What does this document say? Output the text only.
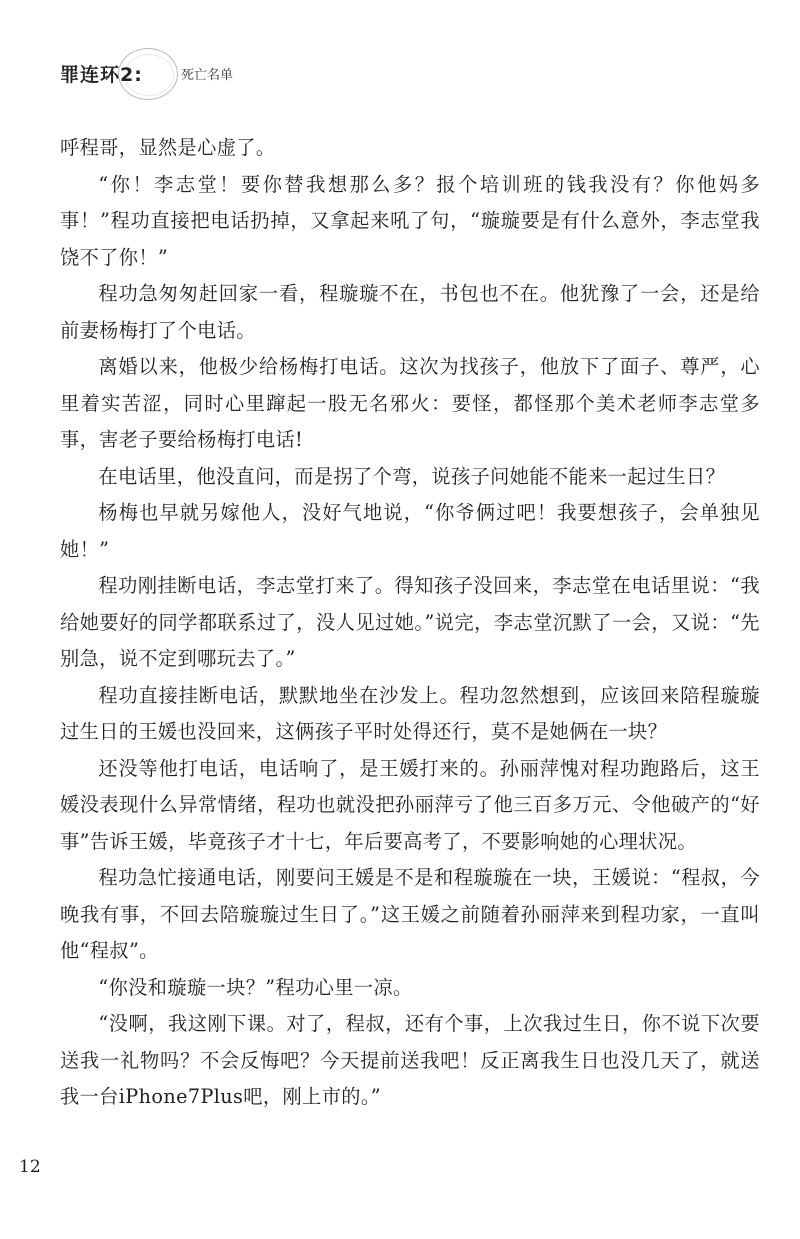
罪连环2:	死亡名单

呼程哥，显然是心虚了。

“你！李志堂！要你替我想那么多？报个培训班的钱我没有？你他妈多事！”程功直接把电话扔掉，又拿起来吼了句，“璇璇要是有什么意外，李志堂我饶不了你！”

程功急匆匆赶回家一看，程璇璇不在，书包也不在。他犹豫了一会，还是给前妻杨梅打了个电话。

离婚以来，他极少给杨梅打电话。这次为找孩子，他放下了面子、尊严，心里着实苦涩，同时心里蹿起一股无名邪火：要怪，都怪那个美术老师李志堂多事，害老子要给杨梅打电话!

在电话里，他没直问，而是拐了个弯，说孩子问她能不能来一起过生日？

杨梅也早就另嫁他人，没好气地说，“你爷俩过吧！我要想孩子，会单独见她！”

程功刚挂断电话，李志堂打来了。得知孩子没回来，李志堂在电话里说：“我给她要好的同学都联系过了，没人见过她。”说完，李志堂沉默了一会，又说：“先别急，说不定到哪玩去了。”

程功直接挂断电话，默默地坐在沙发上。程功忽然想到，应该回来陪程璇璇过生日的王媛也没回来，这俩孩子平时处得还行，莫不是她俩在一块？

还没等他打电话，电话响了，是王媛打来的。孙丽萍愧对程功跑路后，这王媛没表现什么异常情绪，程功也就没把孙丽萍亏了他三百多万元、令他破产的“好事”告诉王媛，毕竟孩子才十七，年后要高考了，不要影响她的心理状况。

程功急忙接通电话，刚要问王媛是不是和程璇璇在一块，王媛说：“程叔，今晚我有事，不回去陪璇璇过生日了。”这王媛之前随着孙丽萍来到程功家，一直叫他“程叔”。

“你没和璇璇一块？”程功心里一凉。

“没啊，我这刚下课。对了，程叔，还有个事，上次我过生日，你不说下次要送我一礼物吗？不会反悔吧？今天提前送我吧！反正离我生日也没几天了，就送我一台iPhone7Plus吧，刚上市的。”

12
